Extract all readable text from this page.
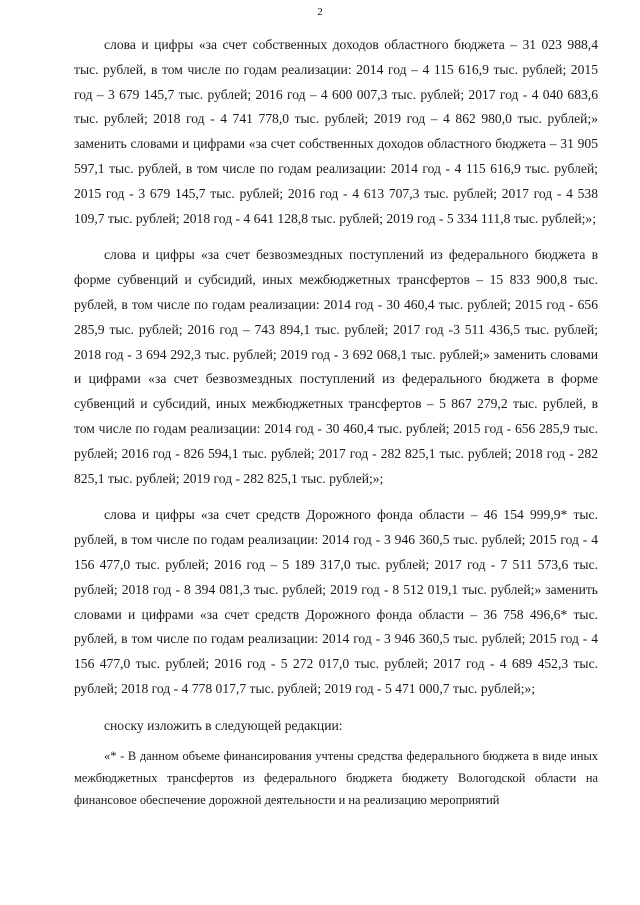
2

слова и цифры «за счет собственных доходов областного бюджета – 31 023 988,4 тыс. рублей, в том числе по годам реализации: 2014 год – 4 115 616,9 тыс. рублей; 2015 год – 3 679 145,7 тыс. рублей; 2016 год – 4 600 007,3 тыс. рублей; 2017 год - 4 040 683,6 тыс. рублей; 2018 год - 4 741 778,0 тыс. рублей; 2019 год – 4 862 980,0 тыс. рублей;» заменить словами и цифрами «за счет собственных доходов областного бюджета – 31 905 597,1 тыс. рублей, в том числе по годам реализации: 2014 год - 4 115 616,9 тыс. рублей; 2015 год - 3 679 145,7 тыс. рублей; 2016 год - 4 613 707,3 тыс. рублей; 2017 год - 4 538 109,7 тыс. рублей; 2018 год - 4 641 128,8 тыс. рублей; 2019 год - 5 334 111,8 тыс. рублей;»;

слова и цифры «за счет безвозмездных поступлений из федерального бюджета в форме субвенций и субсидий, иных межбюджетных трансфертов – 15 833 900,8 тыс. рублей, в том числе по годам реализации: 2014 год - 30 460,4 тыс. рублей; 2015 год - 656 285,9 тыс. рублей; 2016 год – 743 894,1 тыс. рублей; 2017 год -3 511 436,5 тыс. рублей; 2018 год - 3 694 292,3 тыс. рублей; 2019 год - 3 692 068,1 тыс. рублей;» заменить словами и цифрами «за счет безвозмездных поступлений из федерального бюджета в форме субвенций и субсидий, иных межбюджетных трансфертов – 5 867 279,2 тыс. рублей, в том числе по годам реализации: 2014 год - 30 460,4 тыс. рублей; 2015 год - 656 285,9 тыс. рублей; 2016 год - 826 594,1 тыс. рублей; 2017 год - 282 825,1 тыс. рублей; 2018 год - 282 825,1 тыс. рублей; 2019 год - 282 825,1 тыс. рублей;»;

слова и цифры «за счет средств Дорожного фонда области – 46 154 999,9* тыс. рублей, в том числе по годам реализации: 2014 год - 3 946 360,5 тыс. рублей; 2015 год - 4 156 477,0 тыс. рублей; 2016 год – 5 189 317,0 тыс. рублей; 2017 год - 7 511 573,6 тыс. рублей; 2018 год - 8 394 081,3 тыс. рублей; 2019 год - 8 512 019,1 тыс. рублей;» заменить словами и цифрами «за счет средств Дорожного фонда области – 36 758 496,6* тыс. рублей, в том числе по годам реализации: 2014 год - 3 946 360,5 тыс. рублей; 2015 год - 4 156 477,0 тыс. рублей; 2016 год - 5 272 017,0 тыс. рублей; 2017 год - 4 689 452,3 тыс. рублей; 2018 год - 4 778 017,7 тыс. рублей; 2019 год - 5 471 000,7 тыс. рублей;»;

сноску изложить в следующей редакции:

«* - В данном объеме финансирования учтены средства федерального бюджета в виде иных межбюджетных трансфертов из федерального бюджета бюджету Вологодской области на финансовое обеспечение дорожной деятельности и на реализацию мероприятий
